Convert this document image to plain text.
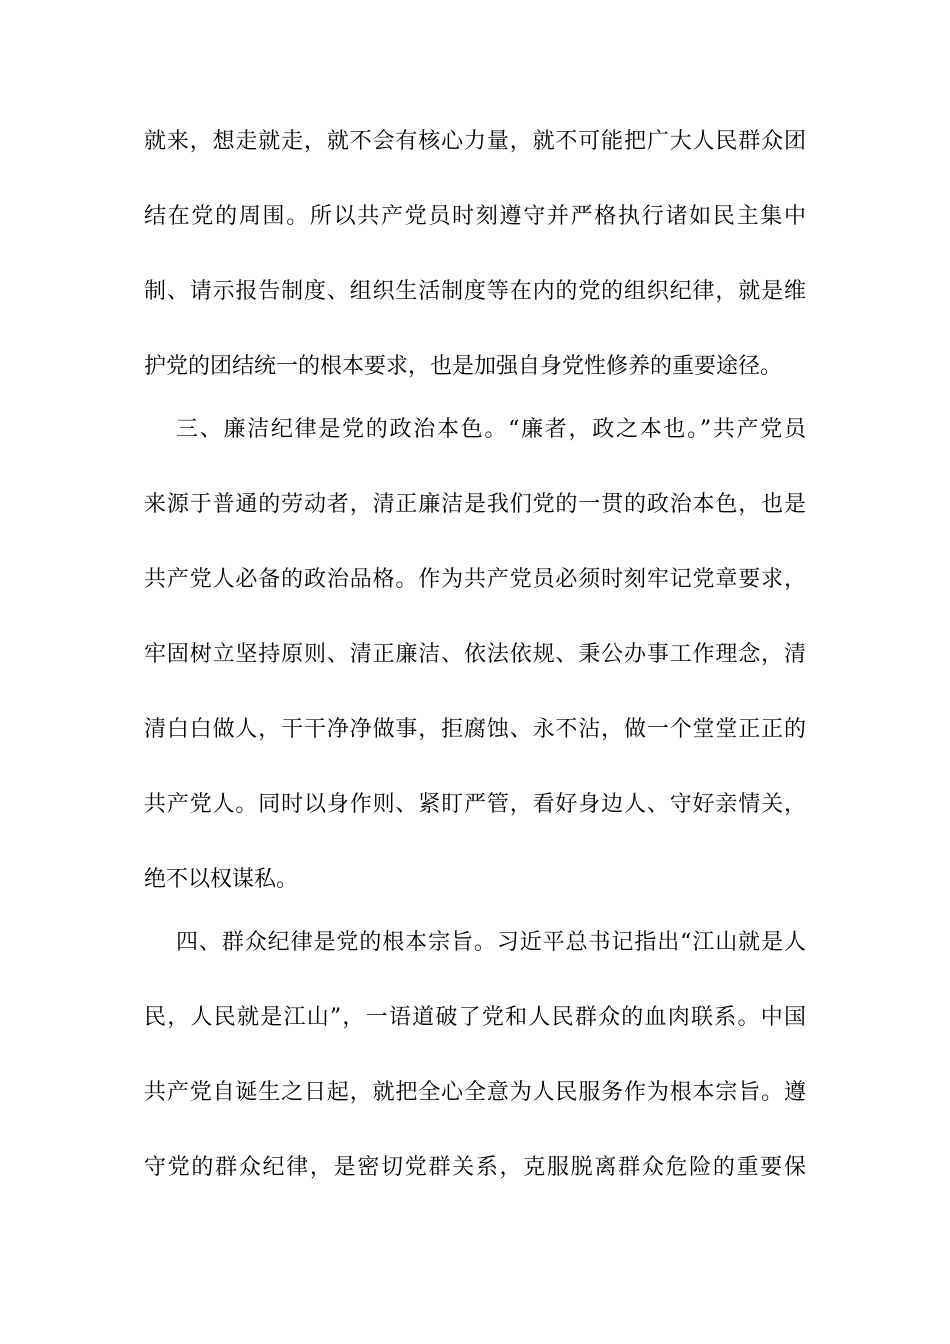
就来，想走就走，就不会有核心力量，就不可能把广大人民群众团
结在党的周围。所以共产党员时刻遵守并严格执行诸如民主集中
制、请示报告制度、组织生活制度等在内的党的组织纪律，就是维
护党的团结统一的根本要求，也是加强自身党性修养的重要途径。
三、廉洁纪律是党的政治本色。“廉者，政之本也。”共产党员
来源于普通的劳动者，清正廉洁是我们党的一贯的政治本色，也是
共产党人必备的政治品格。作为共产党员必须时刻牢记党章要求，
牢固树立坚持原则、清正廉洁、依法依规、秉公办事工作理念，清
清白白做人，干干净净做事，拒腐蚀、永不沾，做一个堂堂正正的
共产党人。同时以身作则、紧盯严管，看好身边人、守好亲情关，
绝不以权谋私。
四、群众纪律是党的根本宗旨。习近平总书记指出“江山就是人
民，人民就是江山”，一语道破了党和人民群众的血肉联系。中国
共产党自诞生之日起，就把全心全意为人民服务作为根本宗旨。遵
守党的群众纪律，是密切党群关系，克服脱离群众危险的重要保
